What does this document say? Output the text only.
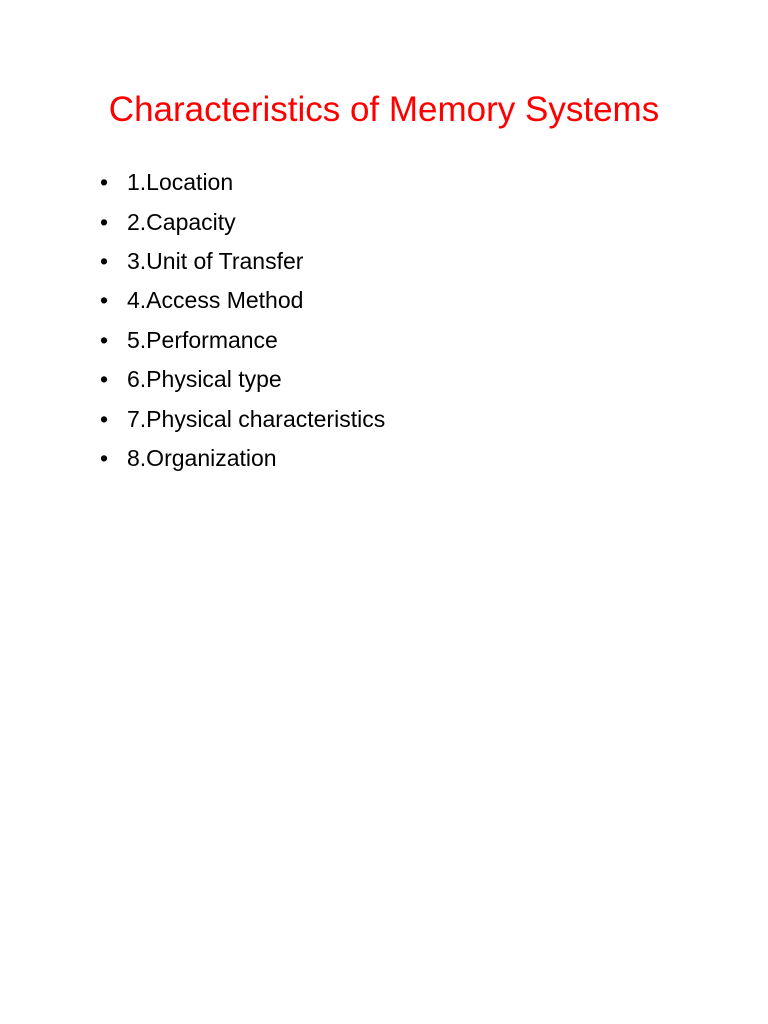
Characteristics of Memory Systems
• 1.Location
• 2.Capacity
• 3.Unit of Transfer
• 4.Access Method
• 5.Performance
• 6.Physical type
• 7.Physical characteristics
• 8.Organization
